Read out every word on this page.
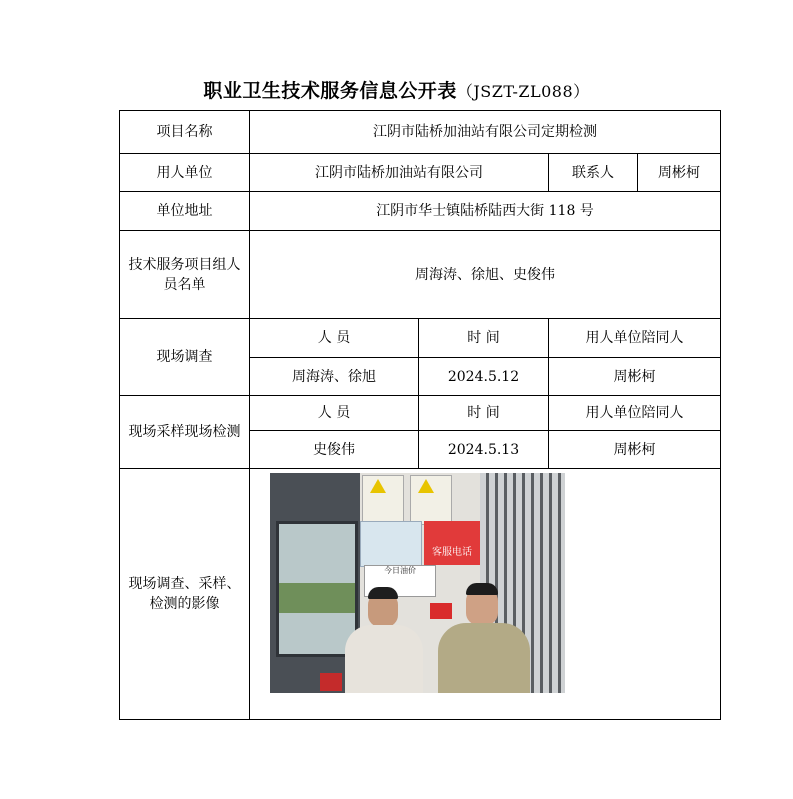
职业卫生技术服务信息公开表（JSZT-ZL088）
项目名称	江阴市陆桥加油站有限公司定期检测			
用人单位	江阴市陆桥加油站有限公司		联系人	周彬柯
单位地址	江阴市华士镇陆桥陆西大街 118 号			
技术服务项目组人员名单	周海涛、徐旭、史俊伟			
现场调查	人 员	时 间	用人单位陪同人	
	周海涛、徐旭	2024.5.12	周彬柯	
现场采样现场检测	人 员	时 间	用人单位陪同人	
	史俊伟	2024.5.13	周彬柯	
现场调查、采样、检测的影像	客服电话
今日油价			
